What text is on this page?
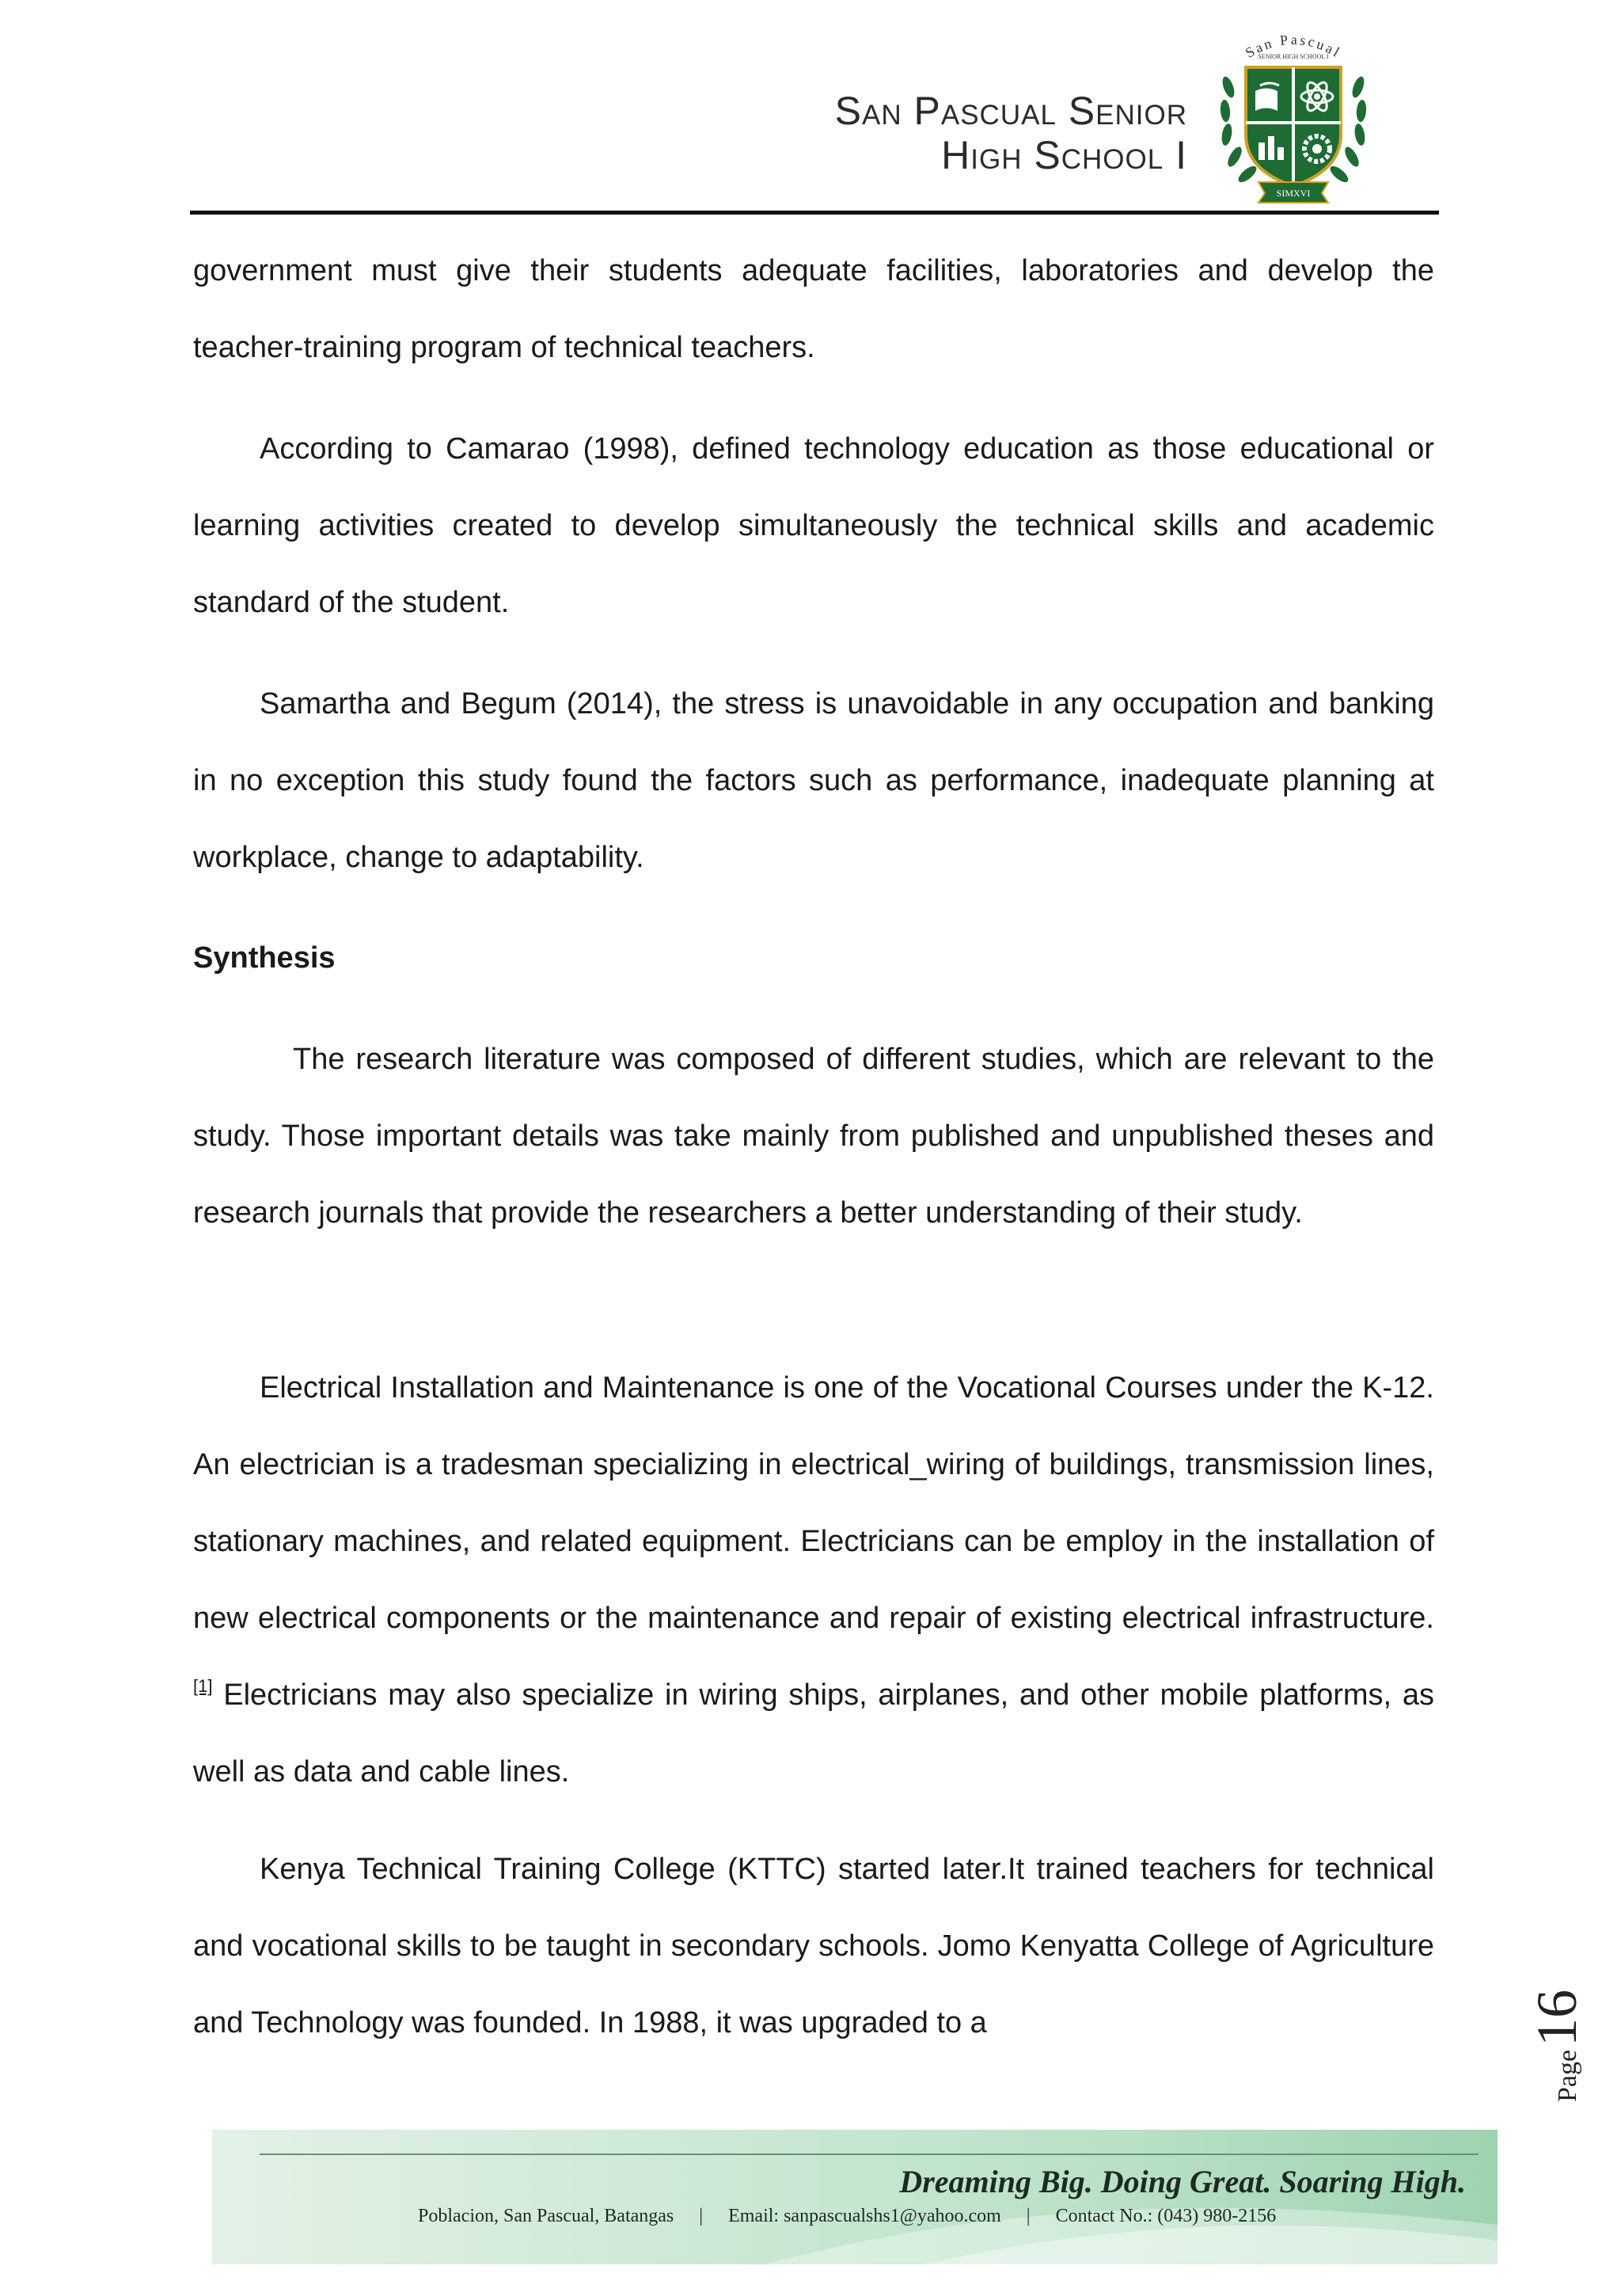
San Pascual Senior
High School I
San Pascual
SENIOR HIGH SCHOOL I
SIMXVI

government must give their students adequate facilities, laboratories and develop the teacher-training program of technical teachers.

According to Camarao (1998), defined technology education as those educational or learning activities created to develop simultaneously the technical skills and academic standard of the student.

Samartha and Begum (2014), the stress is unavoidable in any occupation and banking in no exception this study found the factors such as performance, inadequate planning at workplace, change to adaptability.

Synthesis

The research literature was composed of different studies, which are relevant to the study. Those important details was take mainly from published and unpublished theses and research journals that provide the researchers a better understanding of their study.

Electrical Installation and Maintenance is one of the Vocational Courses under the K-12. An electrician is a tradesman specializing in electrical_wiring of buildings, transmission lines, stationary machines, and related equipment. Electricians can be employ in the installation of new electrical components or the maintenance and repair of existing electrical infrastructure.[1] Electricians may also specialize in wiring ships, airplanes, and other mobile platforms, as well as data and cable lines.

Kenya Technical Training College (KTTC) started later.It trained teachers for technical and vocational skills to be taught in secondary schools. Jomo Kenyatta College of Agriculture and Technology was founded. In 1988, it was upgraded to a

Page 16
Dreaming Big. Doing Great. Soaring High.
Poblacion, San Pascual, Batangas | Email: sanpascualshs1@yahoo.com | Contact No.: (043) 980-2156
